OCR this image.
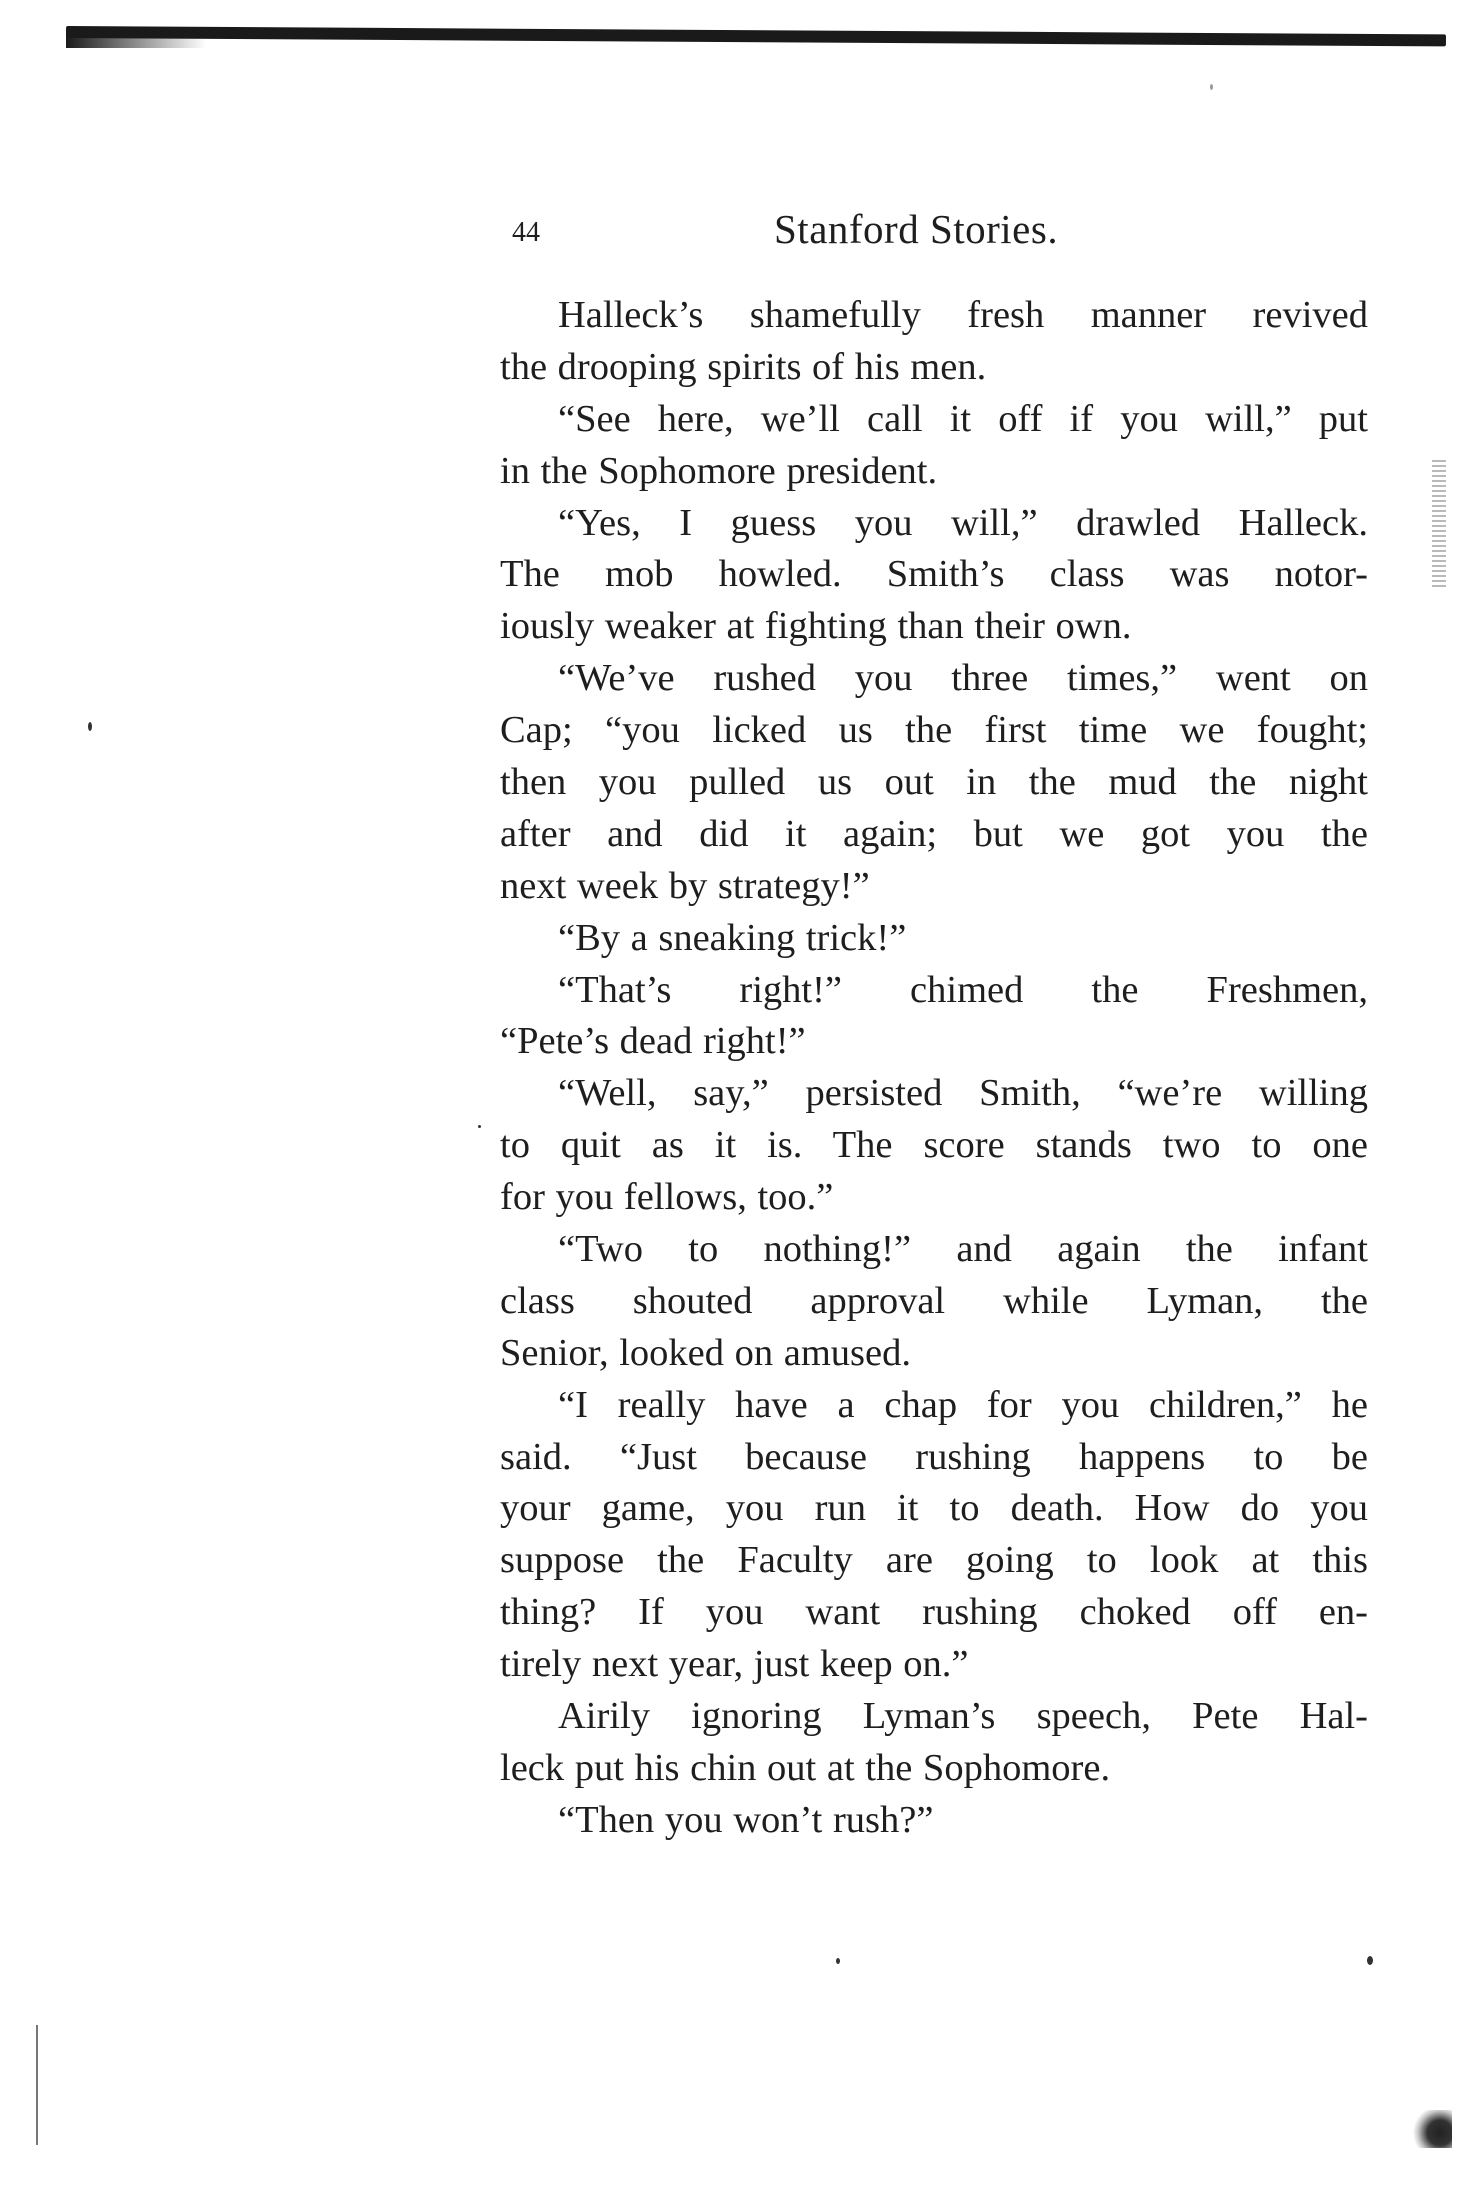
44	Stanford Stories.
Halleck’s shamefully fresh manner revived
the drooping spirits of his men.
“See here, we’ll call it off if you will,” put
in the Sophomore president.
“Yes, I guess you will,” drawled Halleck.
The mob howled. Smith’s class was notor-
iously weaker at fighting than their own.
“We’ve rushed you three times,” went on
Cap; “you licked us the first time we fought;
then you pulled us out in the mud the night
after and did it again; but we got you the
next week by strategy!”
“By a sneaking trick!”
“That’s right!” chimed the Freshmen,
“Pete’s dead right!”
“Well, say,” persisted Smith, “we’re willing
to quit as it is. The score stands two to one
for you fellows, too.”
“Two to nothing!” and again the infant
class shouted approval while Lyman, the
Senior, looked on amused.
“I really have a chap for you children,” he
said. “Just because rushing happens to be
your game, you run it to death. How do you
suppose the Faculty are going to look at this
thing? If you want rushing choked off en-
tirely next year, just keep on.”
Airily ignoring Lyman’s speech, Pete Hal-
leck put his chin out at the Sophomore.
“Then you won’t rush?”
